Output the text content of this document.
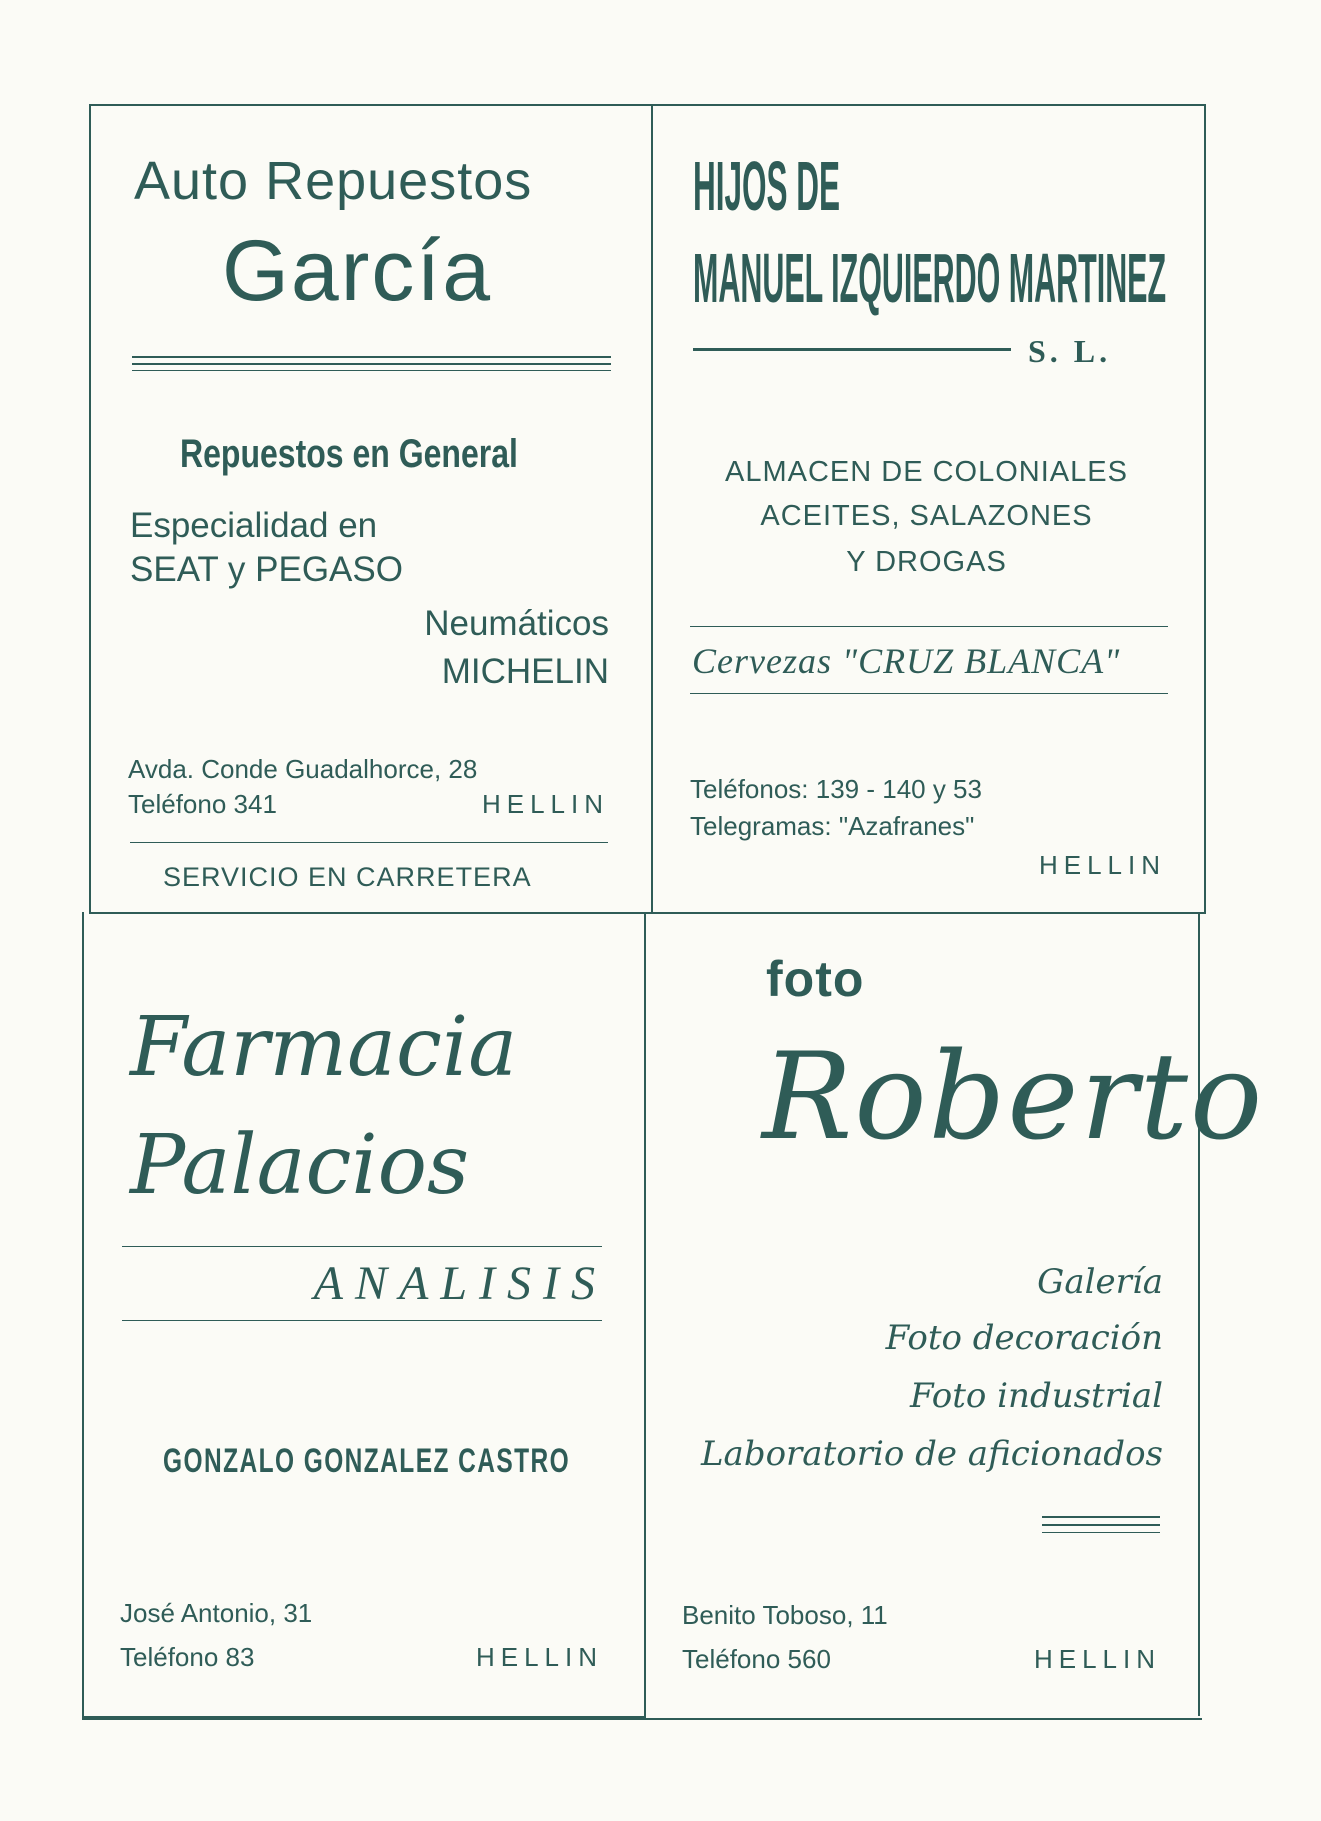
Auto Repuestos
García
Repuestos en General
Especialidad en
SEAT y PEGASO
Neumáticos
MICHELIN
Avda. Conde Guadalhorce, 28
Teléfono 341	HELLIN
SERVICIO EN CARRETERA
HIJOS DE
MANUEL IZQUIERDO MARTINEZ
S. L.
ALMACEN DE COLONIALES
ACEITES, SALAZONES
Y DROGAS
Cervezas "CRUZ BLANCA"
Teléfonos: 139 - 140 y 53
Telegramas: "Azafranes"
HELLIN
Farmacia
Palacios
ANALISIS
GONZALO GONZALEZ CASTRO
José Antonio, 31
Teléfono 83	HELLIN
foto
Roberto
Galería
Foto decoración
Foto industrial
Laboratorio de aficionados
Benito Toboso, 11
Teléfono 560	HELLIN
